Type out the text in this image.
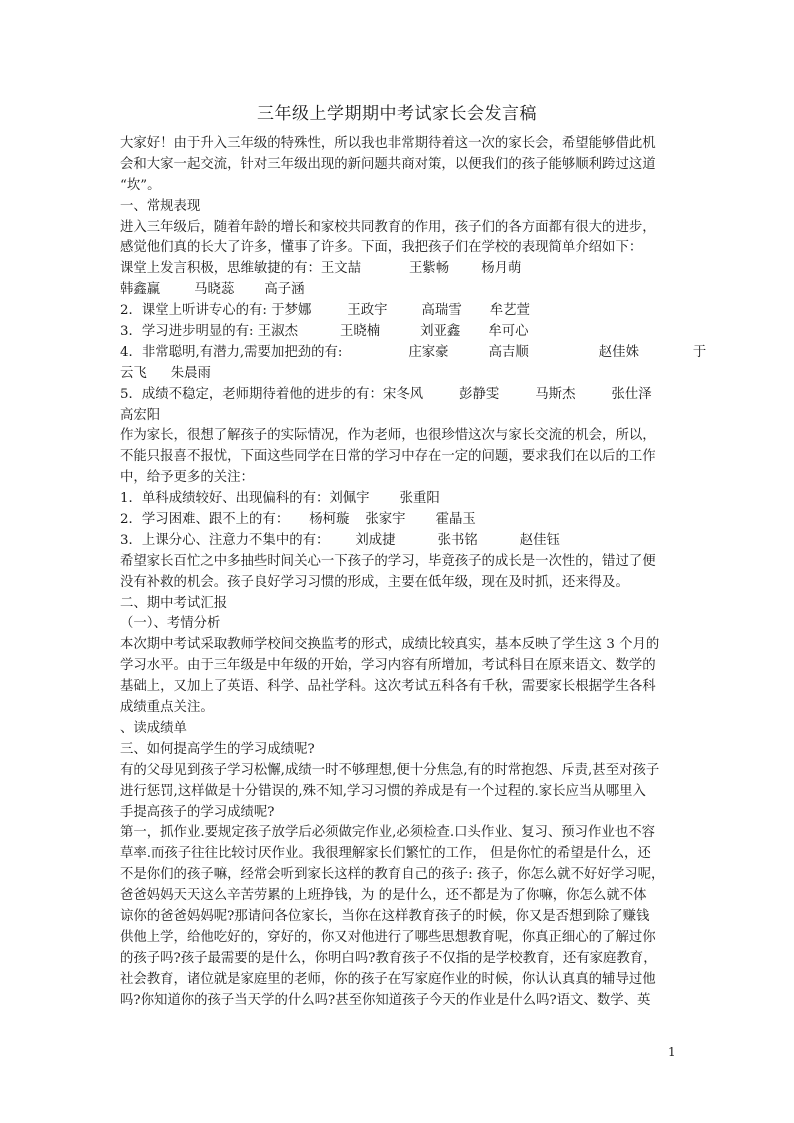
三年级上学期期中考试家长会发言稿
大家好！由于升入三年级的特殊性，所以我也非常期待着这一次的家长会，希望能够借此机
会和大家一起交流，针对三年级出现的新问题共商对策，以便我们的孩子能够顺利跨过这道
“坎”。
一、常规表现
进入三年级后，随着年龄的增长和家校共同教育的作用，孩子们的各方面都有很大的进步，
感觉他们真的长大了许多，懂事了许多。下面，我把孩子们在学校的表现简单介绍如下：
课堂上发言积极，思维敏捷的有：王文喆	王紫畅 杨月萌
韩鑫赢	马晓蕊 高子涵
2．课堂上听讲专心的有: 于梦娜	王政宇	高瑞雪 牟艺萱
3．学习进步明显的有: 王淑杰	王晓楠	刘亚鑫 牟可心
4．非常聪明,有潜力,需要加把劲的有:	庄家豪	高吉顺	赵佳姝	于
云飞 朱晨雨
5．成绩不稳定，老师期待着他的进步的有：宋冬风	彭静雯	马斯杰	张仕泽
高宏阳
作为家长，很想了解孩子的实际情况，作为老师，也很珍惜这次与家长交流的机会，所以，
不能只报喜不报忧，下面这些同学在日常的学习中存在一定的问题，要求我们在以后的工作
中，给予更多的关注：
1．单科成绩较好、出现偏科的有：刘佩宇 张重阳
2．学习困难、跟不上的有： 杨柯璇 张家宇 霍晶玉
3．上课分心、注意力不集中的有： 刘成捷	张书铭	赵佳钰
希望家长百忙之中多抽些时间关心一下孩子的学习，毕竟孩子的成长是一次性的，错过了便
没有补救的机会。孩子良好学习习惯的形成，主要在低年级，现在及时抓，还来得及。
二、期中考试汇报
（一）、考情分析
本次期中考试采取教师学校间交换监考的形式，成绩比较真实，基本反映了学生这 3 个月的
学习水平。由于三年级是中年级的开始，学习内容有所增加，考试科目在原来语文、数学的
基础上，又加上了英语、科学、品社学科。这次考试五科各有千秋，需要家长根据学生各科
成绩重点关注。
、读成绩单
三、如何提高学生的学习成绩呢?
有的父母见到孩子学习松懈,成绩一时不够理想,便十分焦急,有的时常抱怨、斥责,甚至对孩子
进行惩罚,这样做是十分错误的,殊不知,学习习惯的养成是有一个过程的.家长应当从哪里入
手提高孩子的学习成绩呢?
第一，抓作业.要规定孩子放学后必须做完作业,必须检查.口头作业、复习、预习作业也不容
草率.而孩子往往比较讨厌作业。我很理解家长们繁忙的工作， 但是你忙的希望是什么，还
不是你们的孩子嘛，经常会听到家长这样的教育自己的孩子: 孩子，你怎么就不好好学习呢，
爸爸妈妈天天这么辛苦劳累的上班挣钱，为 的是什么，还不都是为了你嘛，你怎么就不体
谅你的爸爸妈妈呢?那请问各位家长，当你在这样教育孩子的时候，你又是否想到除了赚钱
供他上学，给他吃好的，穿好的，你又对他进行了哪些思想教育呢，你真正细心的了解过你
的孩子吗?孩子最需要的是什么，你明白吗?教育孩子不仅指的是学校教育，还有家庭教育，
社会教育，诸位就是家庭里的老师，你的孩子在写家庭作业的时候，你认认真真的辅导过他
吗?你知道你的孩子当天学的什么吗?甚至你知道孩子今天的作业是什么吗?语文、数学、英
1
